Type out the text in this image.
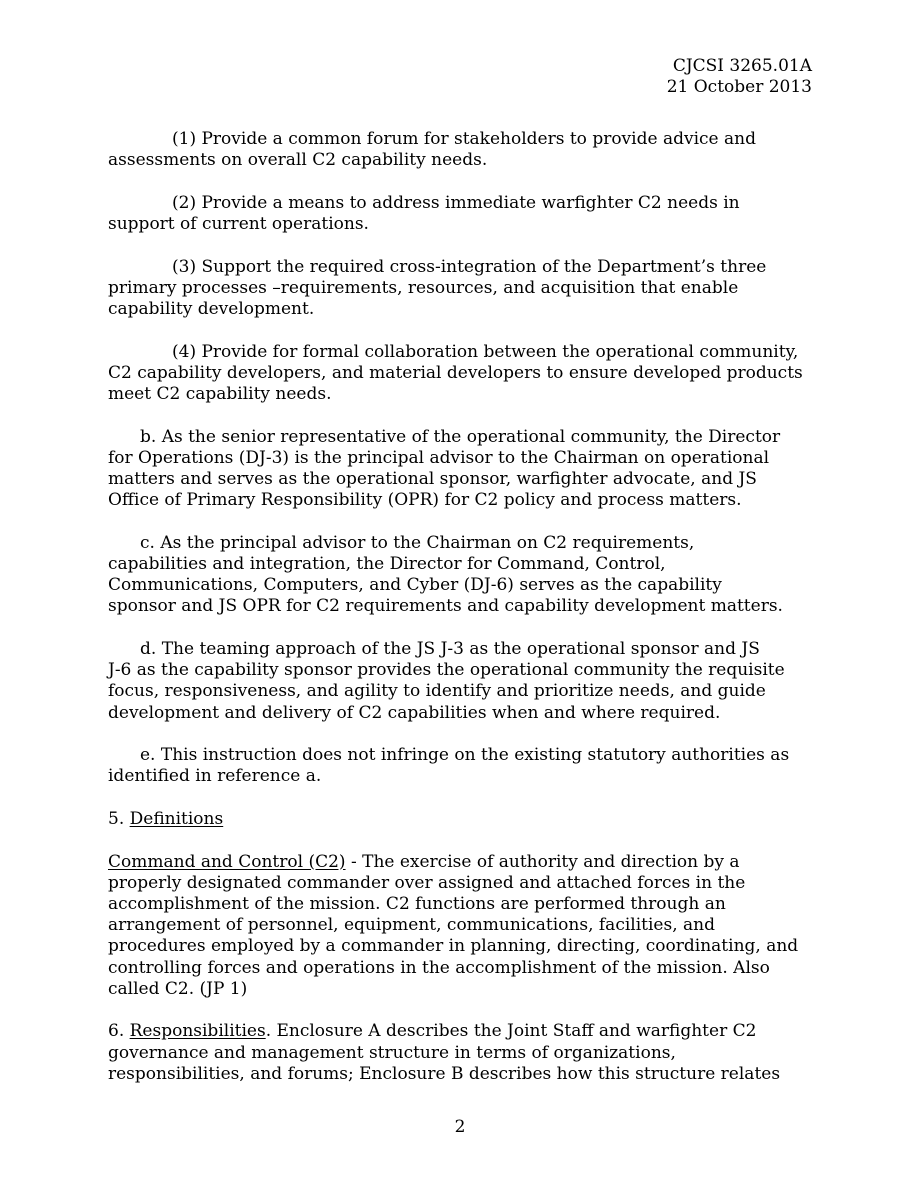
CJCSI 3265.01A
21 October 2013

(1) Provide a common forum for stakeholders to provide advice and
assessments on overall C2 capability needs.

(2) Provide a means to address immediate warfighter C2 needs in
support of current operations.

(3) Support the required cross-integration of the Department’s three
primary processes –requirements, resources, and acquisition that enable
capability development.

(4) Provide for formal collaboration between the operational community,
C2 capability developers, and material developers to ensure developed products
meet C2 capability needs.

b. As the senior representative of the operational community, the Director
for Operations (DJ-3) is the principal advisor to the Chairman on operational
matters and serves as the operational sponsor, warfighter advocate, and JS
Office of Primary Responsibility (OPR) for C2 policy and process matters.

c. As the principal advisor to the Chairman on C2 requirements,
capabilities and integration, the Director for Command, Control,
Communications, Computers, and Cyber (DJ-6) serves as the capability
sponsor and JS OPR for C2 requirements and capability development matters.

d. The teaming approach of the JS J-3 as the operational sponsor and JS
J-6 as the capability sponsor provides the operational community the requisite
focus, responsiveness, and agility to identify and prioritize needs, and guide
development and delivery of C2 capabilities when and where required.

e. This instruction does not infringe on the existing statutory authorities as
identified in reference a.

5. Definitions

Command and Control (C2) - The exercise of authority and direction by a
properly designated commander over assigned and attached forces in the
accomplishment of the mission. C2 functions are performed through an
arrangement of personnel, equipment, communications, facilities, and
procedures employed by a commander in planning, directing, coordinating, and
controlling forces and operations in the accomplishment of the mission. Also
called C2. (JP 1)

6. Responsibilities. Enclosure A describes the Joint Staff and warfighter C2
governance and management structure in terms of organizations,
responsibilities, and forums; Enclosure B describes how this structure relates

2
